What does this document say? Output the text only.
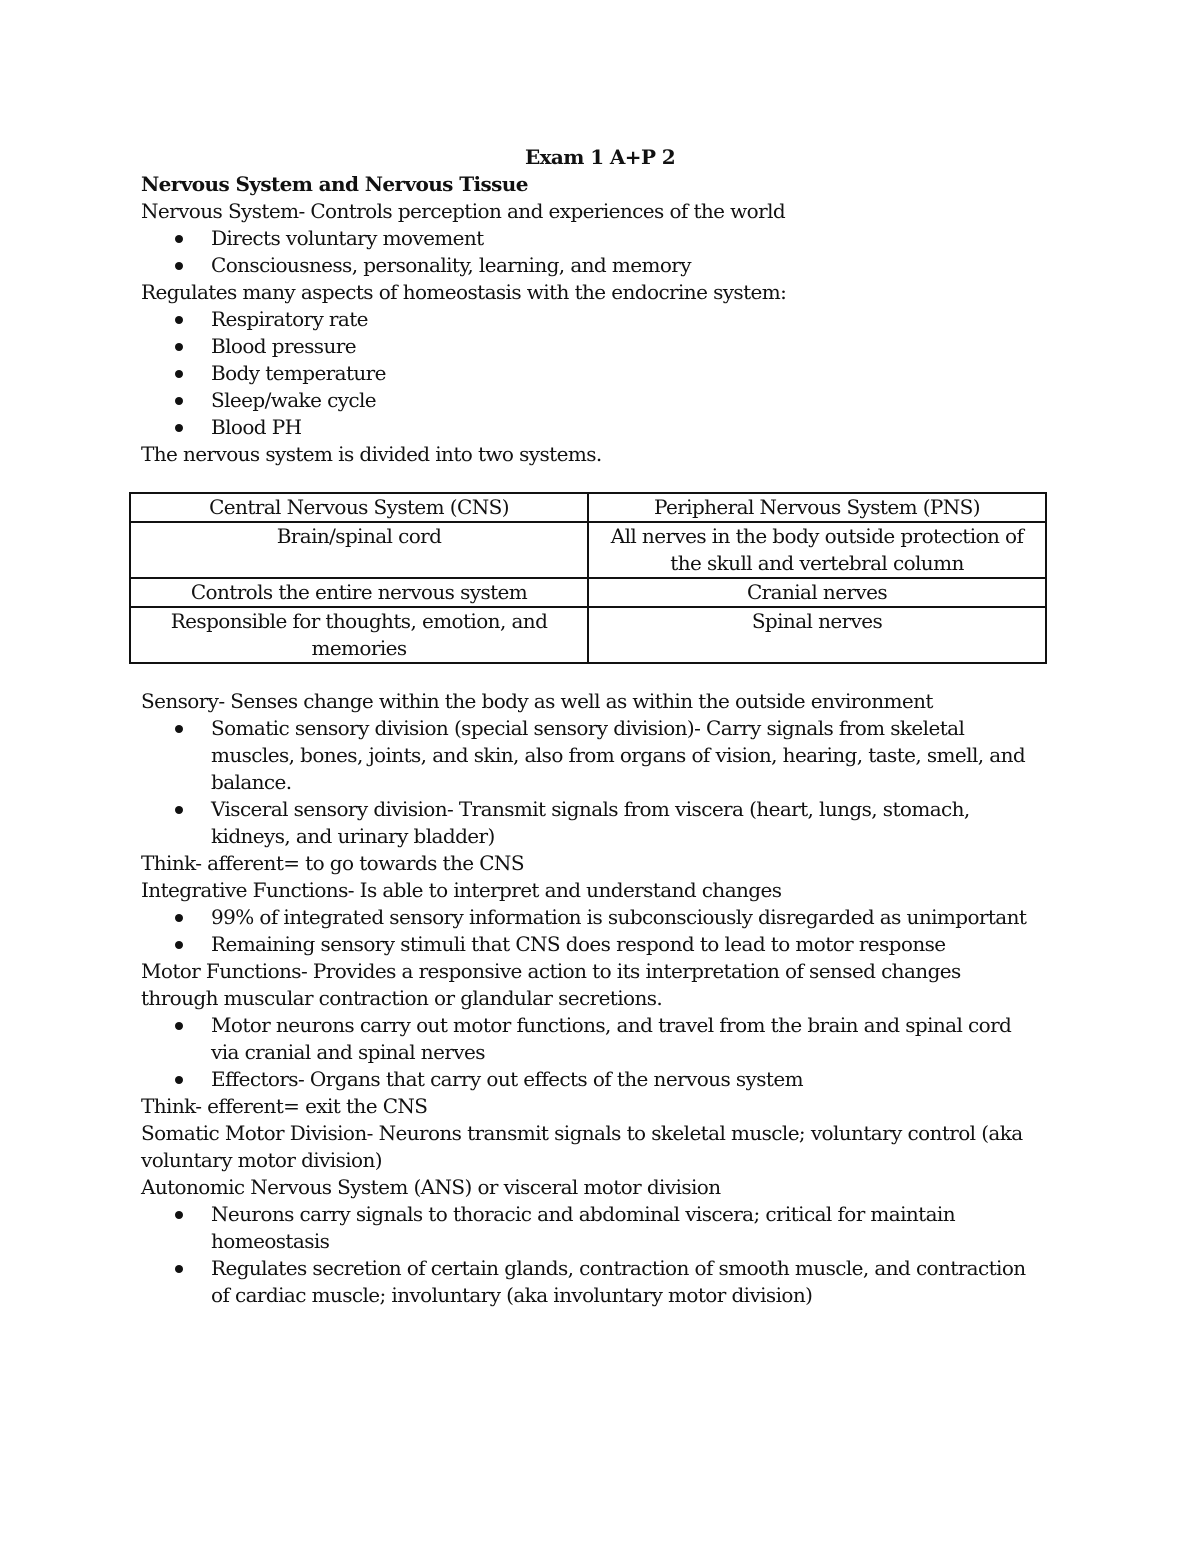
Exam 1 A+P 2
Nervous System and Nervous Tissue
Nervous System- Controls perception and experiences of the world
Directs voluntary movement
Consciousness, personality, learning, and memory
Regulates many aspects of homeostasis with the endocrine system:
Respiratory rate
Blood pressure
Body temperature
Sleep/wake cycle
Blood PH
The nervous system is divided into two systems.
Central Nervous System (CNS)	Peripheral Nervous System (PNS)
Brain/spinal cord	All nerves in the body outside protection of the skull and vertebral column
Controls the entire nervous system	Cranial nerves
Responsible for thoughts, emotion, and memories	Spinal nerves
Sensory- Senses change within the body as well as within the outside environment
Somatic sensory division (special sensory division)- Carry signals from skeletal muscles, bones, joints, and skin, also from organs of vision, hearing, taste, smell, and balance.
Visceral sensory division- Transmit signals from viscera (heart, lungs, stomach, kidneys, and urinary bladder)
Think- afferent= to go towards the CNS
Integrative Functions- Is able to interpret and understand changes
99% of integrated sensory information is subconsciously disregarded as unimportant
Remaining sensory stimuli that CNS does respond to lead to motor response
Motor Functions- Provides a responsive action to its interpretation of sensed changes through muscular contraction or glandular secretions.
Motor neurons carry out motor functions, and travel from the brain and spinal cord via cranial and spinal nerves
Effectors- Organs that carry out effects of the nervous system
Think- efferent= exit the CNS
Somatic Motor Division- Neurons transmit signals to skeletal muscle; voluntary control (aka voluntary motor division)
Autonomic Nervous System (ANS) or visceral motor division
Neurons carry signals to thoracic and abdominal viscera; critical for maintain homeostasis
Regulates secretion of certain glands, contraction of smooth muscle, and contraction of cardiac muscle; involuntary (aka involuntary motor division)
